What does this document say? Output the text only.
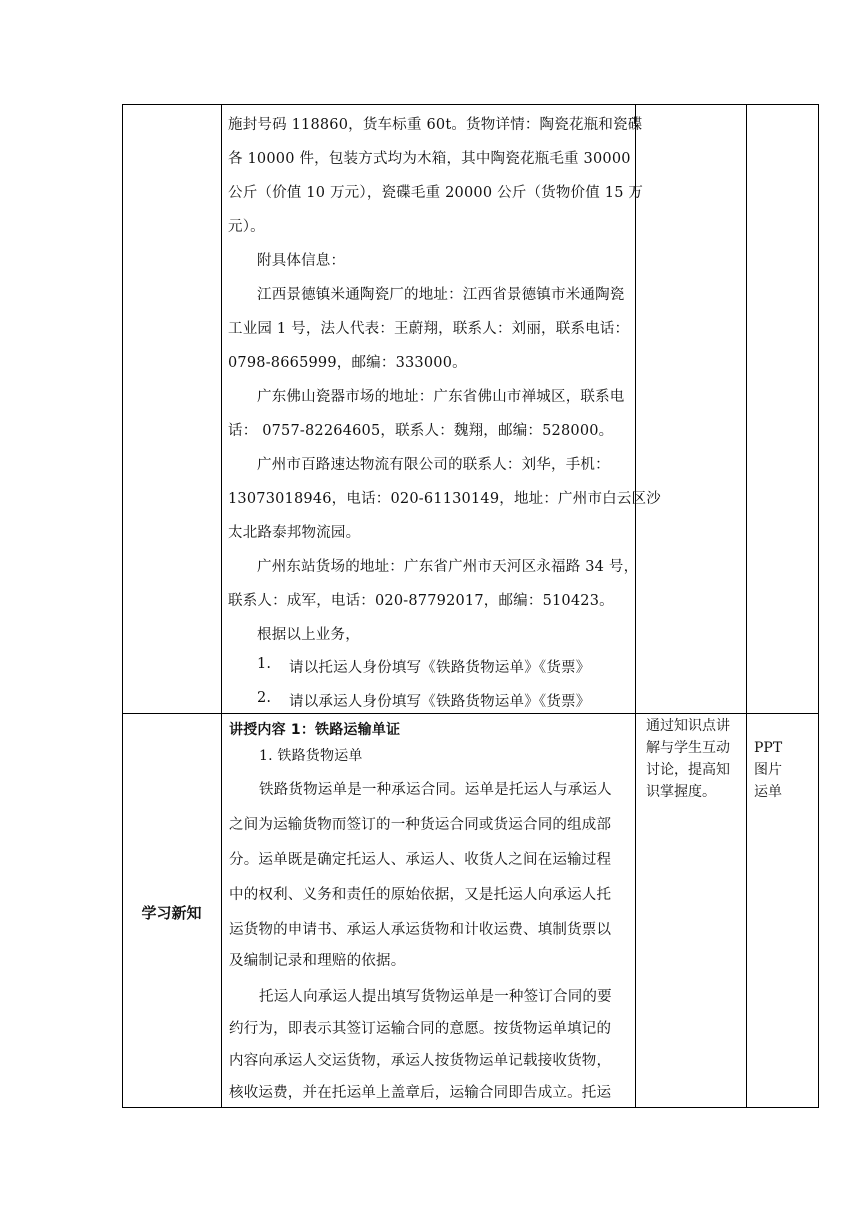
施封号码 118860，货车标重 60t。货物详情：陶瓷花瓶和瓷碟
各 10000 件，包装方式均为木箱，其中陶瓷花瓶毛重 30000
公斤（价值 10 万元），瓷碟毛重 20000 公斤（货物价值 15 万
元）。
附具体信息：
江西景德镇米通陶瓷厂的地址：江西省景德镇市米通陶瓷
工业园 1 号，法人代表：王蔚翔，联系人：刘丽，联系电话：
0798-8665999，邮编：333000。
广东佛山瓷器市场的地址：广东省佛山市禅城区，联系电
话： 0757-82264605，联系人：魏翔，邮编：528000。
广州市百路速达物流有限公司的联系人：刘华，手机：
13073018946，电话：020-61130149，地址：广州市白云区沙
太北路泰邦物流园。
广州东站货场的地址：广东省广州市天河区永福路 34 号，
联系人：成军，电话：020-87792017，邮编：510423。
根据以上业务，
1. 请以托运人身份填写《铁路货物运单》《货票》
2. 请以承运人身份填写《铁路货物运单》《货票》
学习新知
讲授内容 1：铁路运输单证
1. 铁路货物运单
铁路货物运单是一种承运合同。运单是托运人与承运人
之间为运输货物而签订的一种货运合同或货运合同的组成部
分。运单既是确定托运人、承运人、收货人之间在运输过程
中的权利、义务和责任的原始依据，又是托运人向承运人托
运货物的申请书、承运人承运货物和计收运费、填制货票以
及编制记录和理赔的依据。
托运人向承运人提出填写货物运单是一种签订合同的要
约行为，即表示其签订运输合同的意愿。按货物运单填记的
内容向承运人交运货物，承运人按货物运单记载接收货物，
核收运费，并在托运单上盖章后，运输合同即告成立。托运
通过知识点讲
解与学生互动
讨论，提高知
识掌握度。
PPT
图片
运单
